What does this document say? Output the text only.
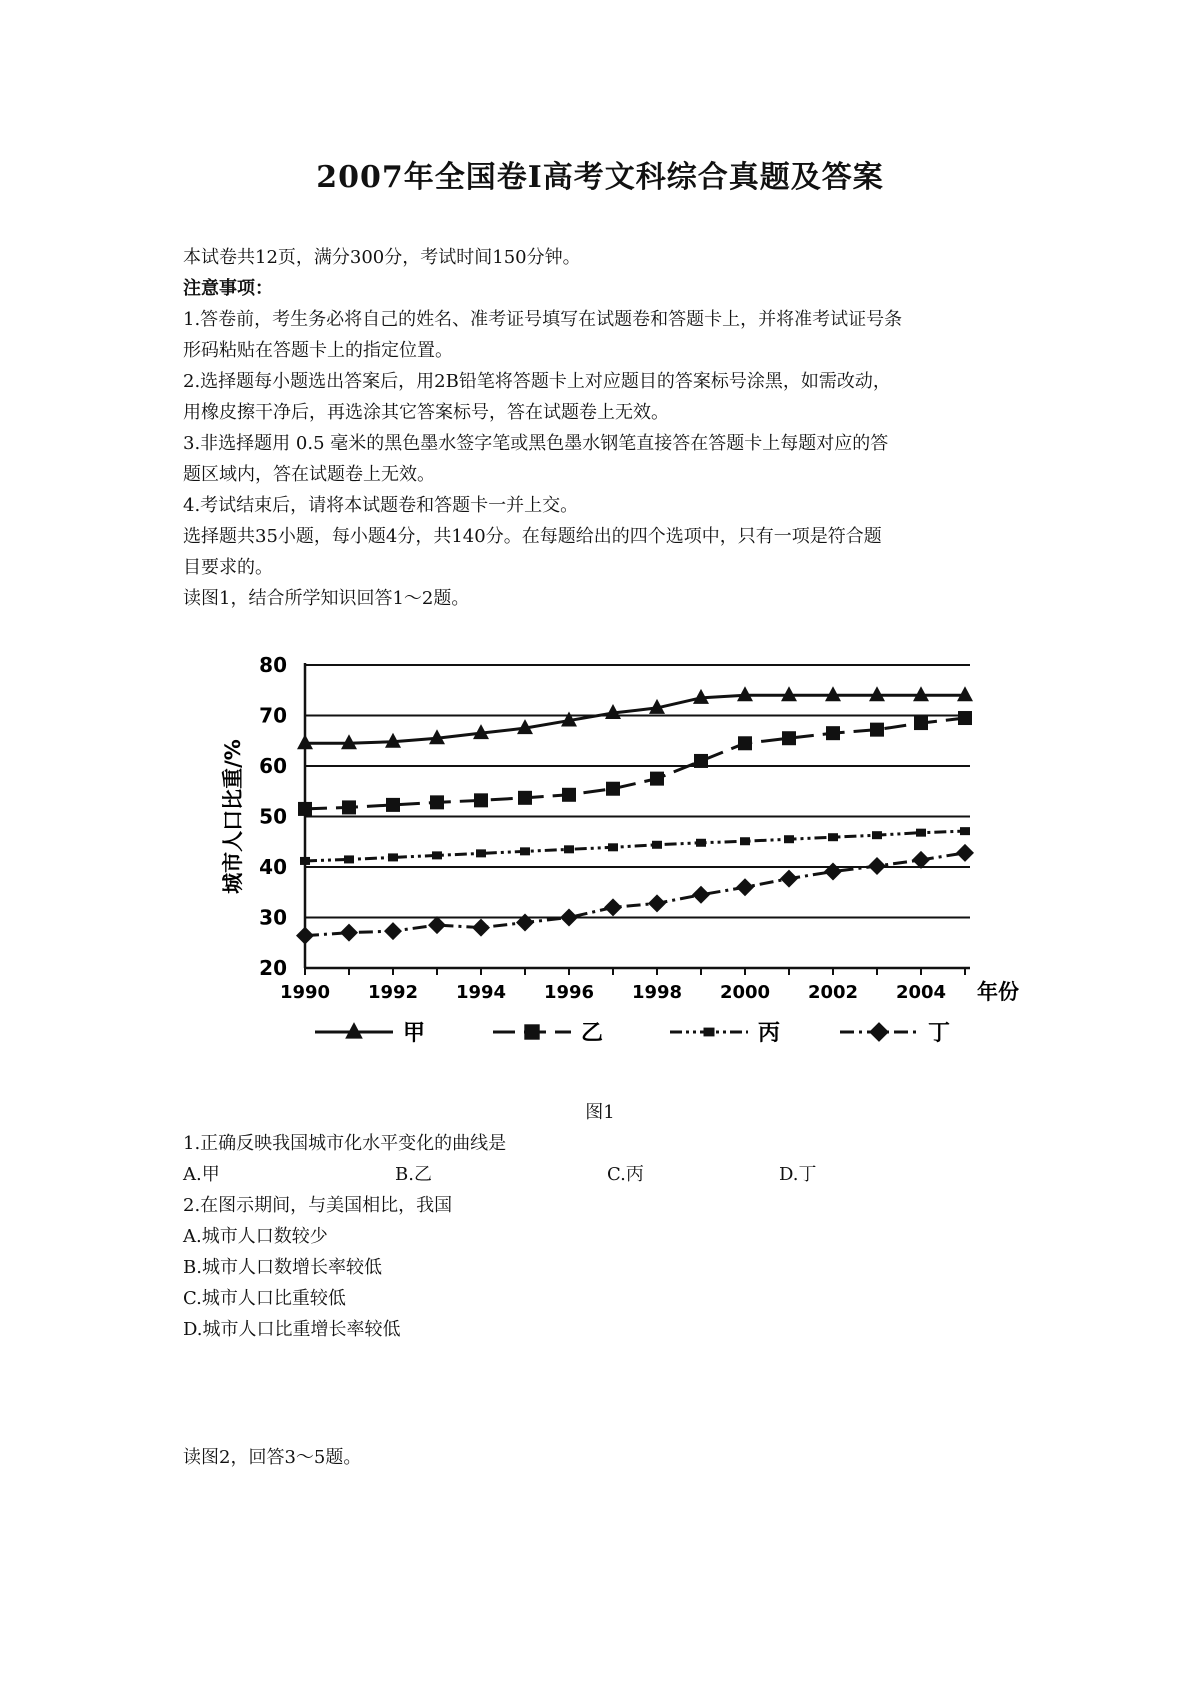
2007年全国卷Ⅰ高考文科综合真题及答案
本试卷共12页，满分300分，考试时间150分钟。
注意事项：
1.答卷前，考生务必将自己的姓名、准考证号填写在试题卷和答题卡上，并将准考试证号条
形码粘贴在答题卡上的指定位置。
2.选择题每小题选出答案后，用2B铅笔将答题卡上对应题目的答案标号涂黑，如需改动，
用橡皮擦干净后，再选涂其它答案标号，答在试题卷上无效。
3.非选择题用 0.5 毫米的黑色墨水签字笔或黑色墨水钢笔直接答在答题卡上每题对应的答
题区域内，答在试题卷上无效。
4.考试结束后，请将本试题卷和答题卡一并上交。
选择题共35小题，每小题4分，共140分。在每题给出的四个选项中，只有一项是符合题
目要求的。
读图1，结合所学知识回答1～2题。
20
30
40
50
60
70
80
1990 1992 1994 1996 1998 2000 2002 2004 年份
城市人口比重/%
甲	乙	丙	丁
图1
1.正确反映我国城市化水平变化的曲线是
A.甲	B.乙	C.丙	D.丁
2.在图示期间，与美国相比，我国
A.城市人口数较少
B.城市人口数增长率较低
C.城市人口比重较低
D.城市人口比重增长率较低
读图2，回答3～5题。
